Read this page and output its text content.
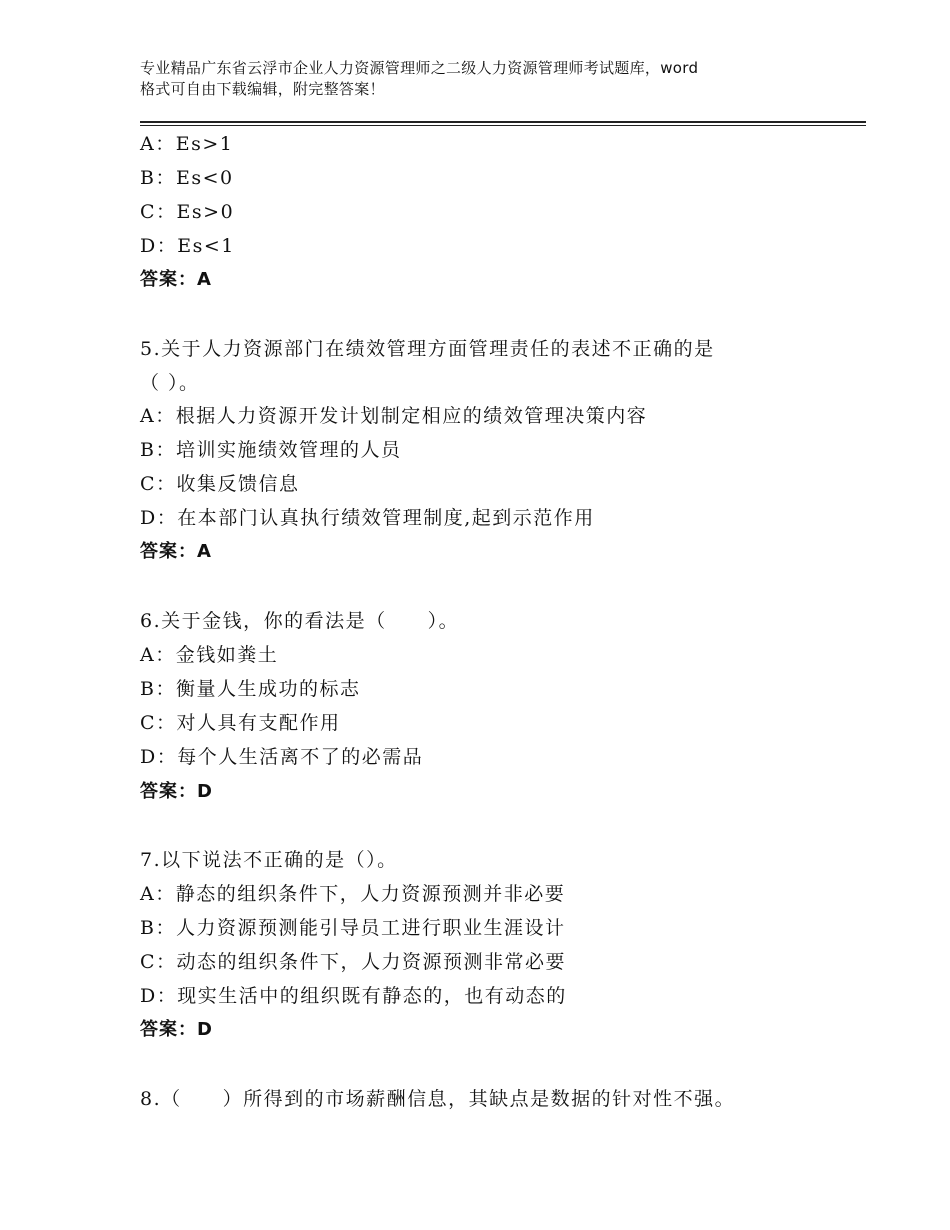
专业精品广东省云浮市企业人力资源管理师之二级人力资源管理师考试题库，word
格式可自由下载编辑，附完整答案！
A：Es>1
B：Es<0
C：Es>0
D：Es<1
答案：A
5.关于人力资源部门在绩效管理方面管理责任的表述不正确的是
（ ）。
A：根据人力资源开发计划制定相应的绩效管理决策内容
B：培训实施绩效管理的人员
C：收集反馈信息
D：在本部门认真执行绩效管理制度,起到示范作用
答案：A
6.关于金钱，你的看法是（　　）。
A：金钱如粪土
B：衡量人生成功的标志
C：对人具有支配作用
D：每个人生活离不了的必需品
答案：D
7.以下说法不正确的是（）。
A：静态的组织条件下，人力资源预测并非必要
B：人力资源预测能引导员工进行职业生涯设计
C：动态的组织条件下，人力资源预测非常必要
D：现实生活中的组织既有静态的，也有动态的
答案：D
8.（　　）所得到的市场薪酬信息，其缺点是数据的针对性不强。
